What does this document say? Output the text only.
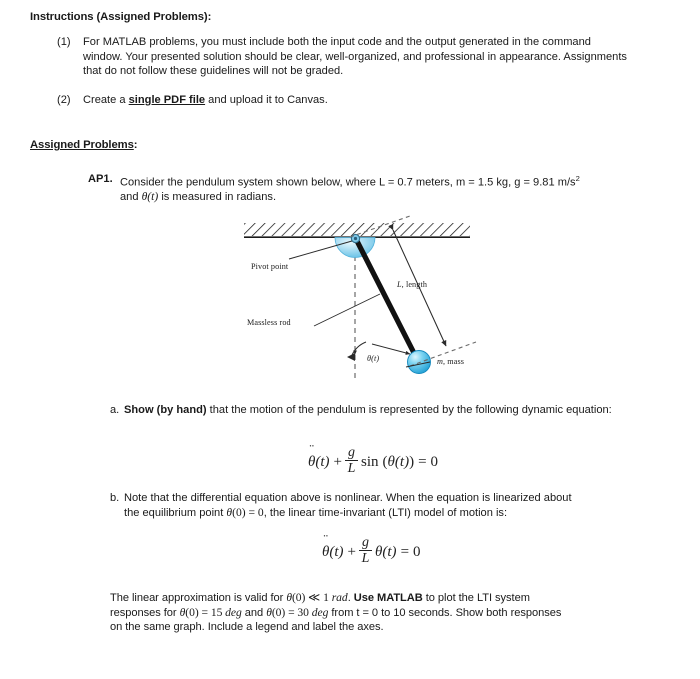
Instructions (Assigned Problems):
(1)	For MATLAB problems, you must include both the input code and the output generated in the command window. Your presented solution should be clear, well-organized, and professional in appearance. Assignments that do not follow these guidelines will not be graded.
(2)	Create a single PDF file and upload it to Canvas.
Assigned Problems:
AP1. Consider the pendulum system shown below, where L = 0.7 meters, m = 1.5 kg, g = 9.81 $m/s^2$
and θ(t) is measured in radians.
Pivot point
Massless rod
L, length
θ(t)	m, mass
a. Show (by hand) that the motion of the pendulum is represented by the following dynamic equation:
θ ¨ $(t) + \frac{g}{L}$ sin ( θ (t) ) = 0
b. Note that the differential equation above is nonlinear. When the equation is linearized about
the equilibrium point θ(0) = 0, the linear time-invariant (LTI) model of motion is:
θ ¨ $(t) + \frac{g}{L}$ θ (t) = 0
The linear approximation is valid for θ(0) ≪ 1 rad. Use MATLAB to plot the LTI system
responses for θ(0) = 15 deg and θ(0) = 30 deg from t = 0 to 10 seconds. Show both responses
on the same graph. Include a legend and label the axes.
